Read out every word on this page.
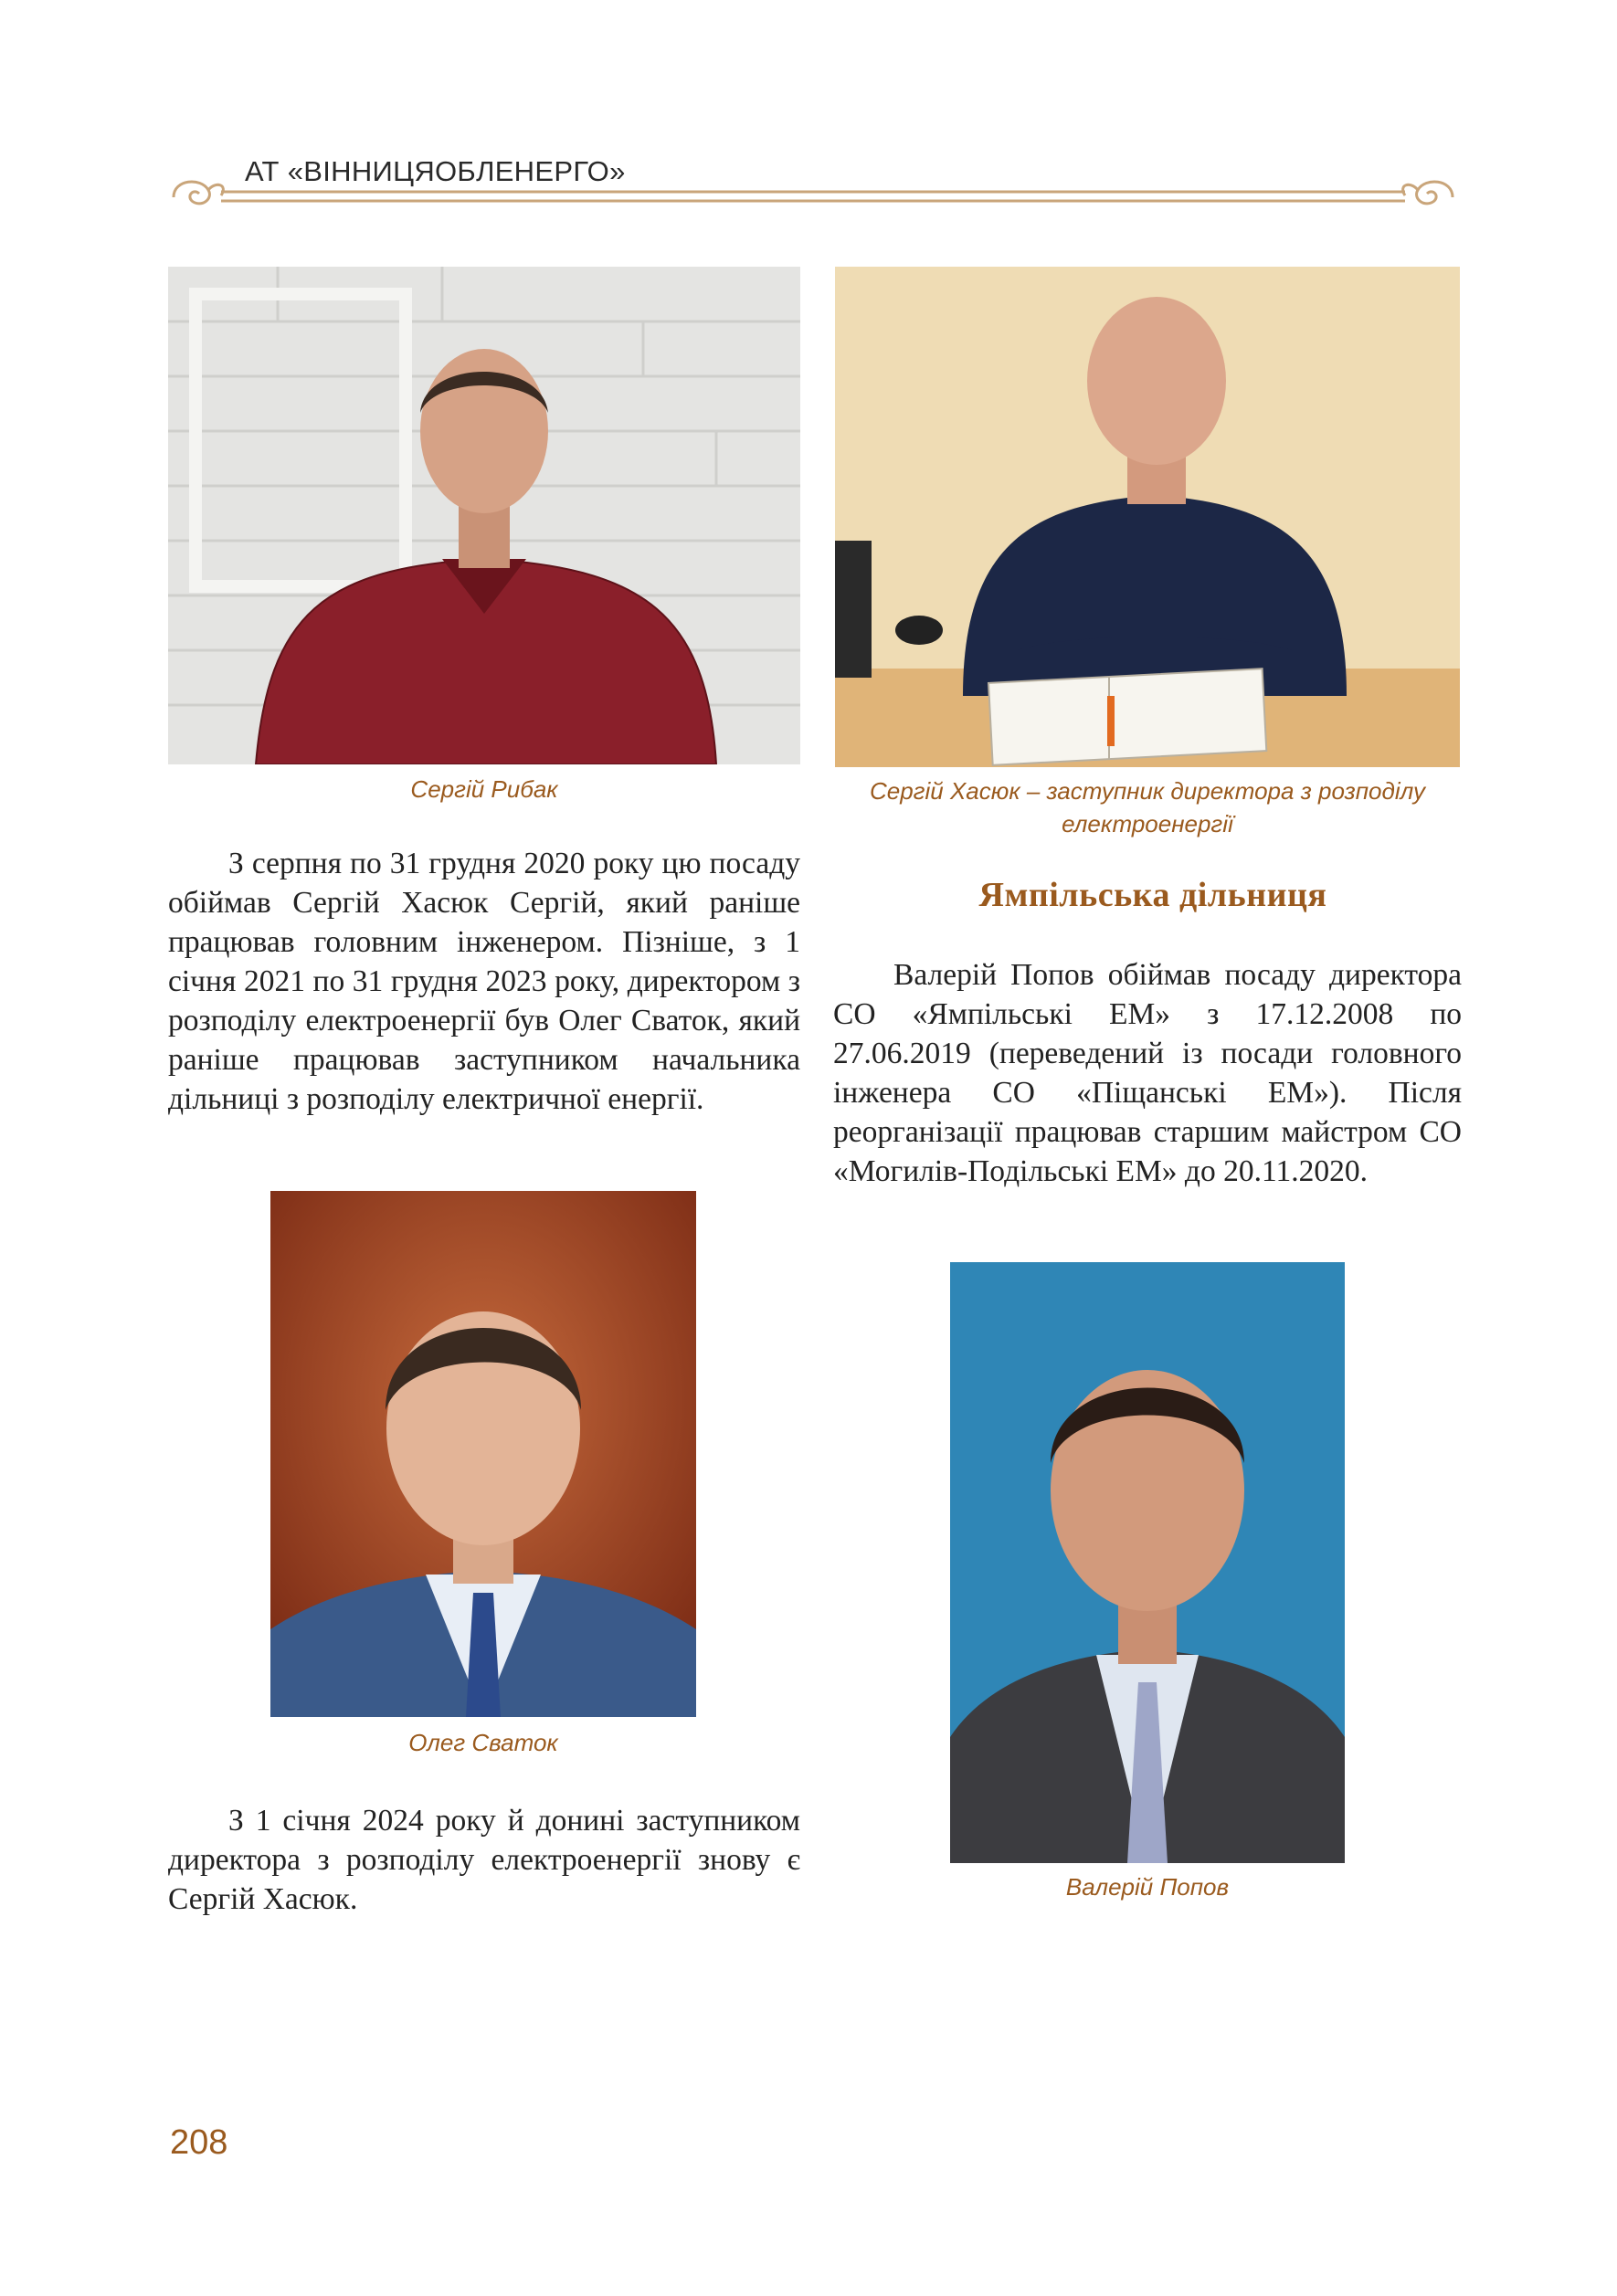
АТ «ВІННИЦЯОБЛЕНЕРГО»
Сергій Рибак	Сергій Хасюк – заступник директора з розподілу електроенергії

З серпня по 31 грудня 2020 року цю посаду обіймав Сергій Хасюк Сергій, який раніше працював головним інженером. Пізніше, з 1 січня 2021 по 31 грудня 2023 року, директором з розподілу електроенергії був Олег Сваток, який раніше працював заступником начальника дільниці з розподілу електричної енергії.

Ямпільська дільниця

Валерій Попов обіймав посаду директора СО «Ямпільські ЕМ» з 17.12.2008 по 27.06.2019 (переведений із посади головного інженера СО «Піщанські ЕМ»). Після реорганізації працював старшим майстром СО «Могилів-Подільські ЕМ» до 20.11.2020.

Олег Сваток
Валерій Попов

З 1 січня 2024 року й донині заступником директора з розподілу електроенергії знову є Сергій Хасюк.

208
